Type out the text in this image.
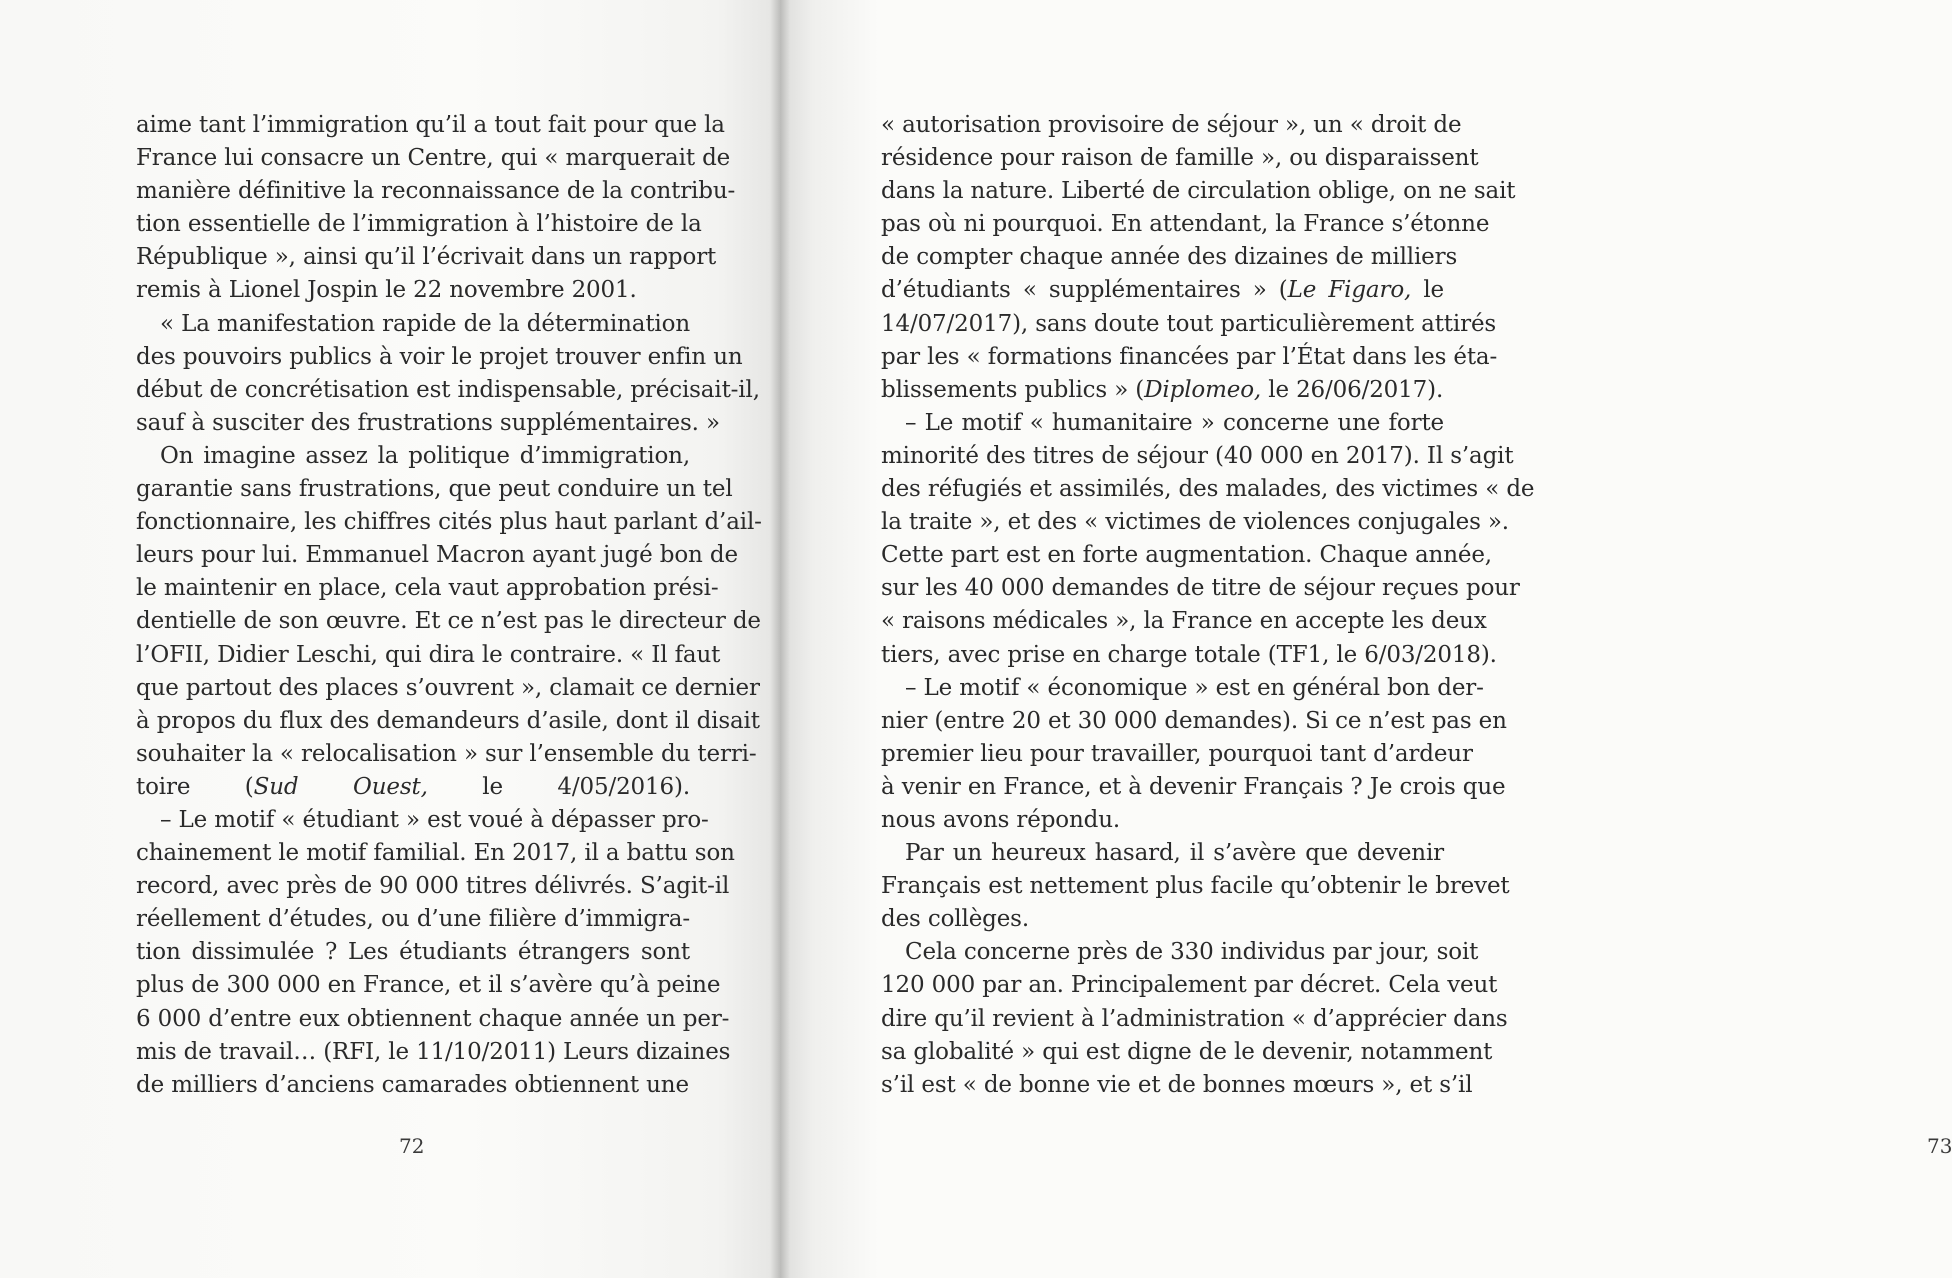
aime tant l’immigration qu’il a tout fait pour que la
France lui consacre un Centre, qui « marquerait de
manière définitive la reconnaissance de la contribu-
tion essentielle de l’immigration à l’histoire de la
République », ainsi qu’il l’écrivait dans un rapport
remis à Lionel Jospin le 22 novembre 2001.
« La manifestation rapide de la détermination
des pouvoirs publics à voir le projet trouver enfin un
début de concrétisation est indispensable, précisait-il,
sauf à susciter des frustrations supplémentaires. »
On imagine assez la politique d’immigration,
garantie sans frustrations, que peut conduire un tel
fonctionnaire, les chiffres cités plus haut parlant d’ail-
leurs pour lui. Emmanuel Macron ayant jugé bon de
le maintenir en place, cela vaut approbation prési-
dentielle de son œuvre. Et ce n’est pas le directeur de
l’OFII, Didier Leschi, qui dira le contraire. « Il faut
que partout des places s’ouvrent », clamait ce dernier
à propos du flux des demandeurs d’asile, dont il disait
souhaiter la « relocalisation » sur l’ensemble du terri-
toire (Sud Ouest, le 4/05/2016).
– Le motif « étudiant » est voué à dépasser pro-
chainement le motif familial. En 2017, il a battu son
record, avec près de 90 000 titres délivrés. S’agit-il
réellement d’études, ou d’une filière d’immigra-
tion dissimulée ? Les étudiants étrangers sont
plus de 300 000 en France, et il s’avère qu’à peine
6 000 d’entre eux obtiennent chaque année un per-
mis de travail… (RFI, le 11/10/2011) Leurs dizaines
de milliers d’anciens camarades obtiennent une
72	73
« autorisation provisoire de séjour », un « droit de
résidence pour raison de famille », ou disparaissent
dans la nature. Liberté de circulation oblige, on ne sait
pas où ni pourquoi. En attendant, la France s’étonne
de compter chaque année des dizaines de milliers
d’étudiants « supplémentaires » (Le Figaro, le
14/07/2017), sans doute tout particulièrement attirés
par les « formations financées par l’État dans les éta-
blissements publics » (Diplomeo, le 26/06/2017).
– Le motif « humanitaire » concerne une forte
minorité des titres de séjour (40 000 en 2017). Il s’agit
des réfugiés et assimilés, des malades, des victimes « de
la traite », et des « victimes de violences conjugales ».
Cette part est en forte augmentation. Chaque année,
sur les 40 000 demandes de titre de séjour reçues pour
« raisons médicales », la France en accepte les deux
tiers, avec prise en charge totale (TF1, le 6/03/2018).
– Le motif « économique » est en général bon der-
nier (entre 20 et 30 000 demandes). Si ce n’est pas en
premier lieu pour travailler, pourquoi tant d’ardeur
à venir en France, et à devenir Français ? Je crois que
nous avons répondu.
Par un heureux hasard, il s’avère que devenir
Français est nettement plus facile qu’obtenir le brevet
des collèges.
Cela concerne près de 330 individus par jour, soit
120 000 par an. Principalement par décret. Cela veut
dire qu’il revient à l’administration « d’apprécier dans
sa globalité » qui est digne de le devenir, notamment
s’il est « de bonne vie et de bonnes mœurs », et s’il
